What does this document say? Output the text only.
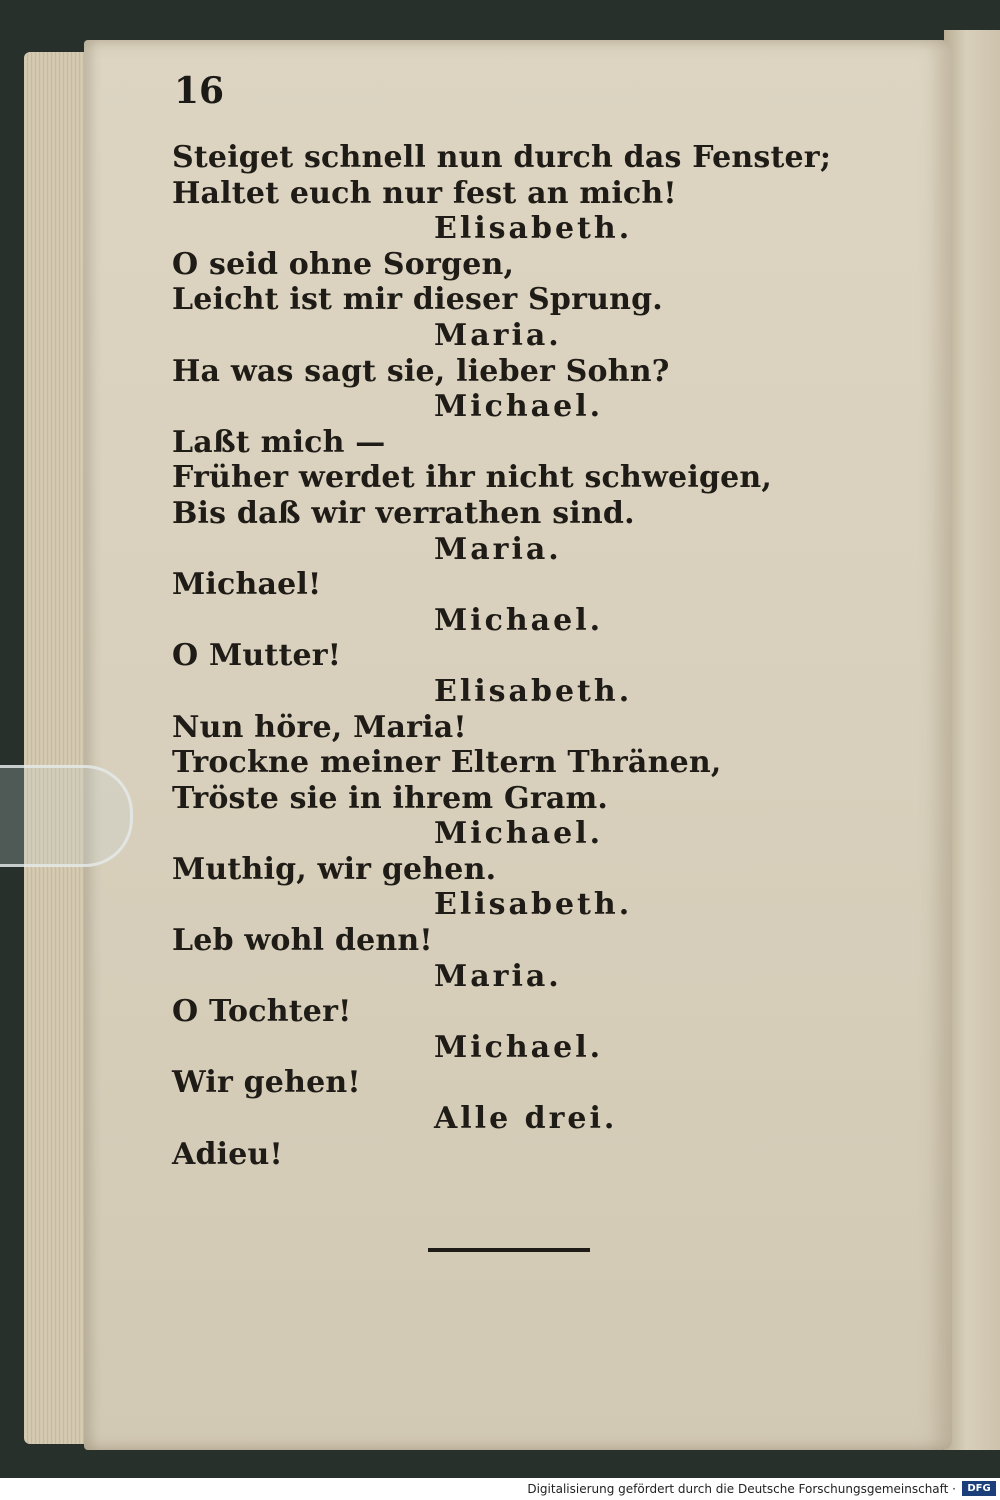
16
Steiget schnell nun durch das Fenster;
Haltet euch nur fest an mich!
Elisabeth.
O seid ohne Sorgen,
Leicht ist mir dieser Sprung.
Maria.
Ha was sagt sie, lieber Sohn?
Michael.
Laßt mich —
Früher werdet ihr nicht schweigen,
Bis daß wir verrathen sind.
Maria.
Michael!
Michael.
O Mutter!
Elisabeth.
Nun höre, Maria!
Trockne meiner Eltern Thränen,
Tröste sie in ihrem Gram.
Michael.
Muthig, wir gehen.
Elisabeth.
Leb wohl denn!
Maria.
O Tochter!
Michael.
Wir gehen!
Alle drei.
Adieu!
Digitalisierung gefördert durch die Deutsche Forschungsgemeinschaft ·	DFG
